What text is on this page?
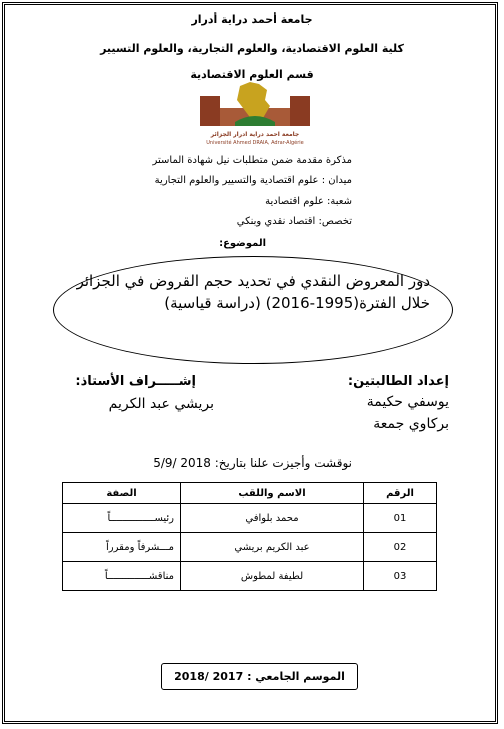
جامعة أحمد دراية أدرار
كلية العلوم الاقتصادية، والعلوم التجارية، والعلوم التسيير
قسم العلوم الاقتصادية
جامعة احمد دراية ادرار الجزائر
Université Ahmed DRAIA, Adrar-Algérie
مذكرة مقدمة ضمن متطلبات نيل شهادة الماستر
ميدان : علوم اقتصادية والتسيير والعلوم التجارية
شعبة: علوم اقتصادية
تخصص: اقتصاد نقدي وبنكي
الموضوع:
دور المعروض النقدي في تحديد حجم القروض في الجزائر خلال الفترة(1995-2016) (دراسة قياسية)
إعداد الطالبتين:
يوسفي حكيمة
بركاوي جمعة
إشـــــراف الأستاذ:
بريشي عبد الكريم
نوقشت وأجيزت علنا بتاريخ: 2018 /5/9
الرقم	الاسم واللقب	الصفة
01	محمد بلوافي	رئيســـــــــــــــاً
02	عبد الكريم بريشي	مـــشرفاً ومقرراً
03	لطيفة لمطوش	مناقشــــــــــــــاً
الموسم الجامعي : 2017 /2018
